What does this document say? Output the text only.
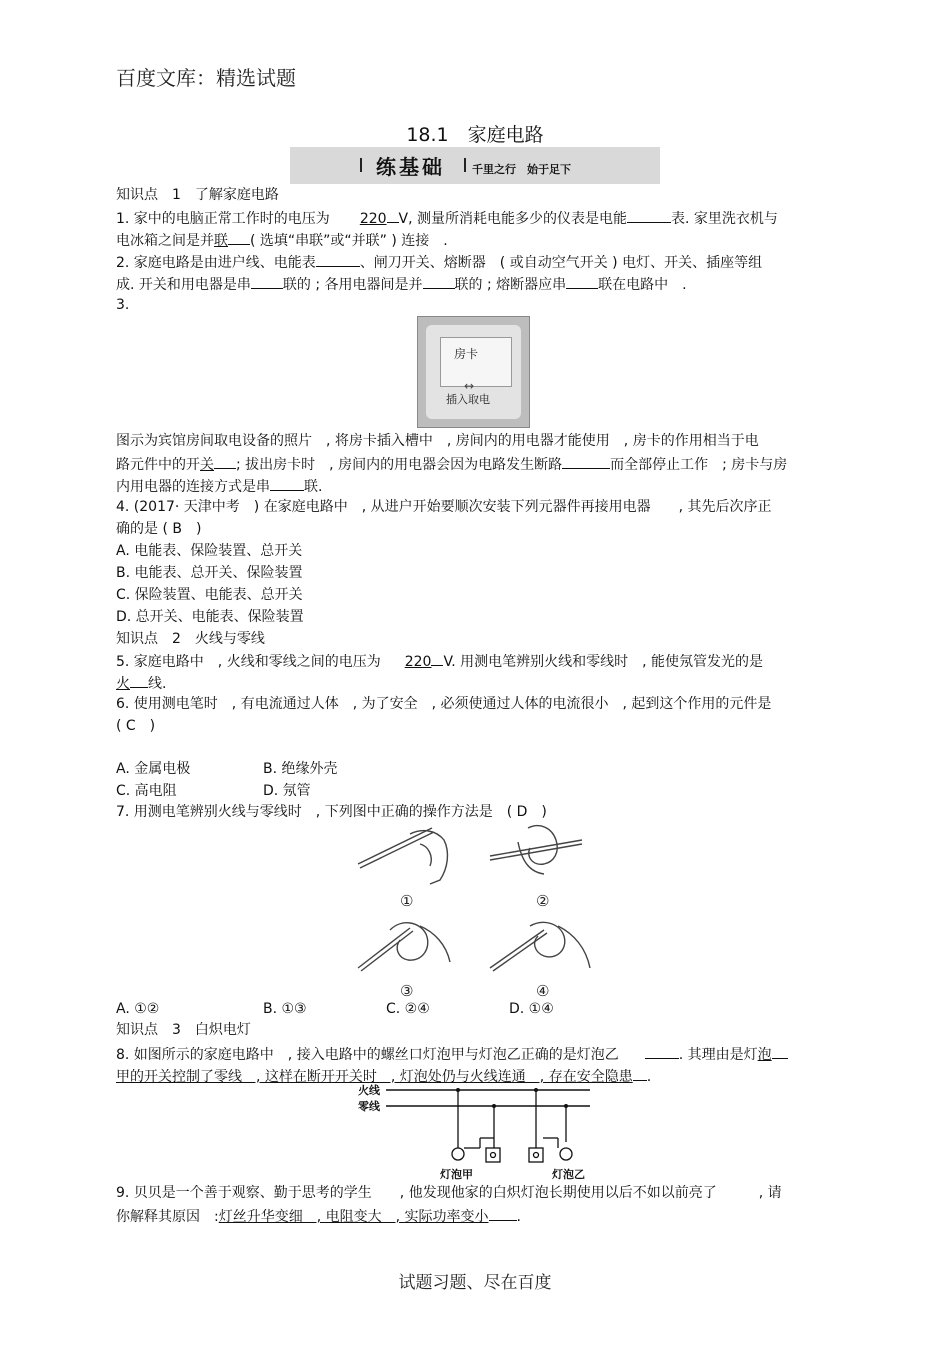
百度文库：精选试题
18.1　家庭电路
练基础 千里之行　始于足下
知识点　1　了解家庭电路
1. 家中的电脑正常工作时的电压为 220 V, 测量所消耗电能多少的仪表是电能	表. 家里洗衣机与
电冰箱之间是并联 ( 选填“串联”或“并联” ) 连接　.
2. 家庭电路是由进户线、电能表	、闸刀开关、熔断器　( 或自动空气开关 ) 电灯、开关、插座等组
成. 开关和用电器是串 联的 ; 各用电器间是并 联的 ; 熔断器应串 联在电路中　.
3.
房卡
↔
插入取电
图示为宾馆房间取电设备的照片　, 将房卡插入槽中　, 房间内的用电器才能使用　, 房卡的作用相当于电
路元件中的开关 ; 拔出房卡时　, 房间内的用电器会因为电路发生断路	而全部停止工作　; 房卡与房
内用电器的连接方式是串 联.
4. (2017· 天津中考　) 在家庭电路中　, 从进户开始要顺次安装下列元器件再接用电器　　, 其先后次序正
确的是 ( B　)
A. 电能表、保险装置、总开关
B. 电能表、总开关、保险装置
C. 保险装置、电能表、总开关
D. 总开关、电能表、保险装置
知识点　2　火线与零线
5. 家庭电路中　, 火线和零线之间的电压为 220 V. 用测电笔辨别火线和零线时　, 能使氖管发光的是
火 线.
6. 使用测电笔时　, 有电流通过人体　, 为了安全　, 必须使通过人体的电流很小　, 起到这个作用的元件是
( C　)
A. 金属电极	B. 绝缘外壳
C. 高电阻	D. 氖管
7. 用测电笔辨别火线与零线时　, 下列图中正确的操作方法是　( D　)
①	②
③	④
A. ①②	B. ①③	C. ②④	D. ①④
知识点　3　白炽电灯
8. 如图所示的家庭电路中　, 接入电路中的螺丝口灯泡甲与灯泡乙正确的是灯泡乙	. 其理由是灯泡
甲的开关控制了零线　, 这样在断开开关时　, 灯泡处仍与火线连通　, 存在安全隐患 .
火线
零线
灯泡甲	灯泡乙
9. 贝贝是一个善于观察、勤于思考的学生　　, 他发现他家的白炽灯泡长期使用以后不如以前亮了　　　, 请
你解释其原因　:灯丝升华变细　, 电阻变大　, 实际功率变小 .
试题习题、尽在百度
